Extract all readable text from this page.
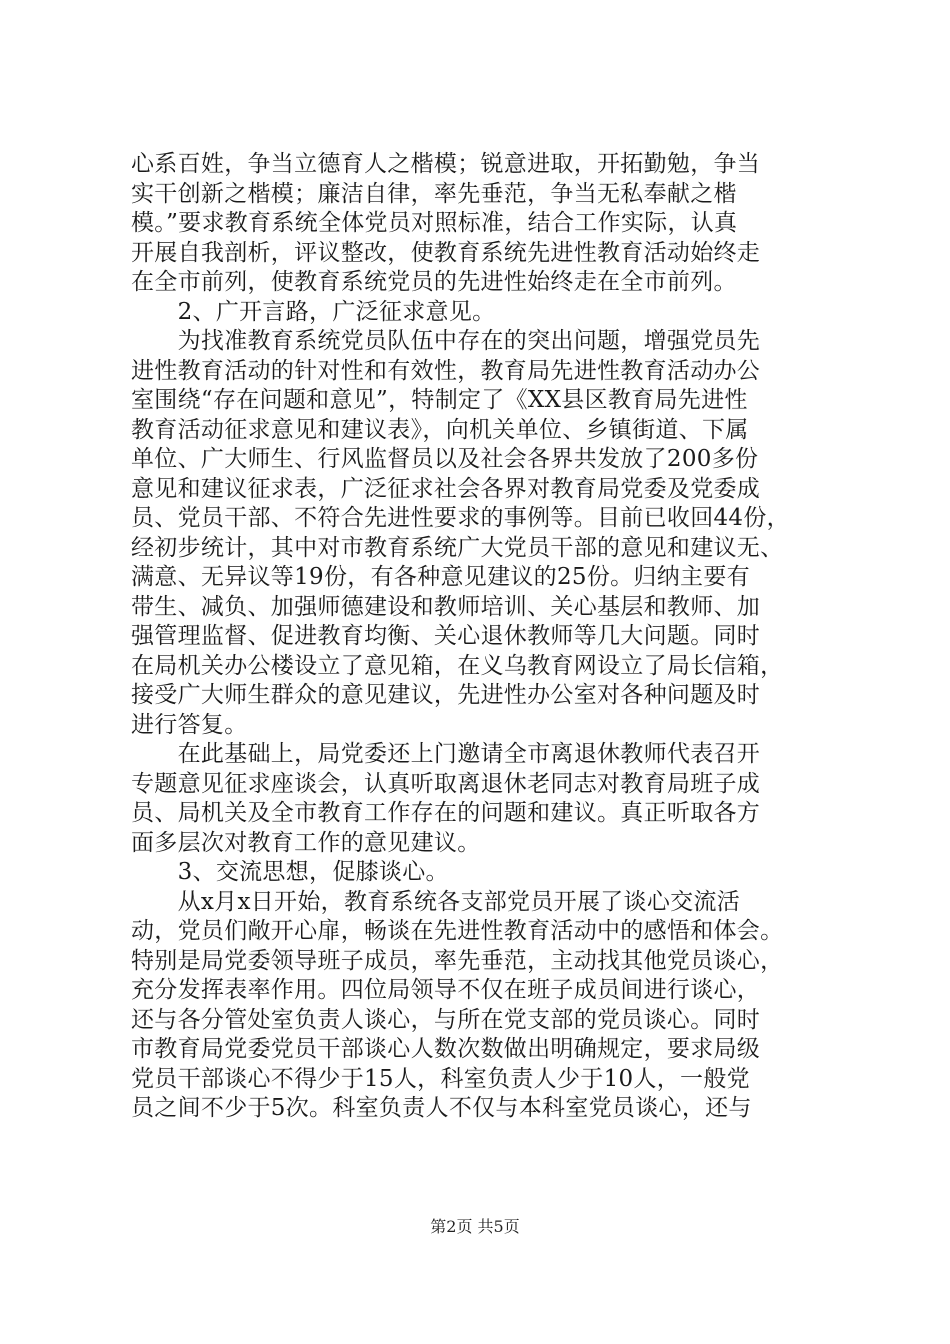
心系百姓，争当立德育人之楷模；锐意进取，开拓勤勉，争当
实干创新之楷模；廉洁自律，率先垂范，争当无私奉献之楷
模。”要求教育系统全体党员对照标准，结合工作实际，认真
开展自我剖析，评议整改，使教育系统先进性教育活动始终走
在全市前列，使教育系统党员的先进性始终走在全市前列。
　　2、广开言路，广泛征求意见。
　　为找准教育系统党员队伍中存在的突出问题，增强党员先
进性教育活动的针对性和有效性，教育局先进性教育活动办公
室围绕“存在问题和意见”，特制定了《XX县区教育局先进性
教育活动征求意见和建议表》，向机关单位、乡镇街道、下属
单位、广大师生、行风监督员以及社会各界共发放了200多份
意见和建议征求表，广泛征求社会各界对教育局党委及党委成
员、党员干部、不符合先进性要求的事例等。目前已收回44份，
经初步统计，其中对市教育系统广大党员干部的意见和建议无、
满意、无异议等19份，有各种意见建议的25份。归纳主要有
带生、减负、加强师德建设和教师培训、关心基层和教师、加
强管理监督、促进教育均衡、关心退休教师等几大问题。同时
在局机关办公楼设立了意见箱，在义乌教育网设立了局长信箱，
接受广大师生群众的意见建议，先进性办公室对各种问题及时
进行答复。
　　在此基础上，局党委还上门邀请全市离退休教师代表召开
专题意见征求座谈会，认真听取离退休老同志对教育局班子成
员、局机关及全市教育工作存在的问题和建议。真正听取各方
面多层次对教育工作的意见建议。
　　3、交流思想，促膝谈心。
　　从x月x日开始，教育系统各支部党员开展了谈心交流活
动，党员们敞开心扉，畅谈在先进性教育活动中的感悟和体会。
特别是局党委领导班子成员，率先垂范，主动找其他党员谈心，
充分发挥表率作用。四位局领导不仅在班子成员间进行谈心，
还与各分管处室负责人谈心，与所在党支部的党员谈心。同时
市教育局党委党员干部谈心人数次数做出明确规定，要求局级
党员干部谈心不得少于15人，科室负责人少于10人，一般党
员之间不少于5次。科室负责人不仅与本科室党员谈心，还与
第2页 共5页
